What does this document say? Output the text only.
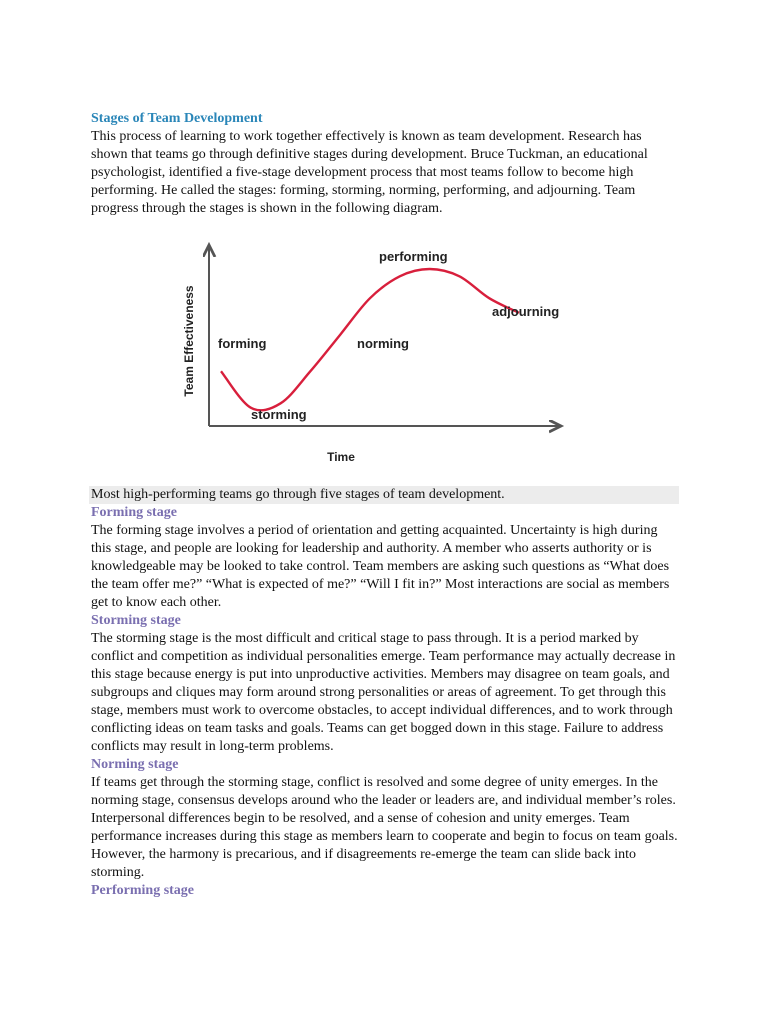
Stages of Team Development

This process of learning to work together effectively is known as team development. Research has shown that teams go through definitive stages during development. Bruce Tuckman, an educational psychologist, identified a five-stage development process that most teams follow to become high performing. He called the stages: forming, storming, norming, performing, and adjourning. Team progress through the stages is shown in the following diagram.

Team Effectiveness
Time
forming
storming
norming
performing
adjourning
Most high-performing teams go through five stages of team development.
Forming stage

The forming stage involves a period of orientation and getting acquainted. Uncertainty is high during this stage, and people are looking for leadership and authority. A member who asserts authority or is knowledgeable may be looked to take control. Team members are asking such questions as “What does the team offer me?” “What is expected of me?” “Will I fit in?” Most interactions are social as members get to know each other.

Storming stage

The storming stage is the most difficult and critical stage to pass through. It is a period marked by conflict and competition as individual personalities emerge. Team performance may actually decrease in this stage because energy is put into unproductive activities. Members may disagree on team goals, and subgroups and cliques may form around strong personalities or areas of agreement. To get through this stage, members must work to overcome obstacles, to accept individual differences, and to work through conflicting ideas on team tasks and goals. Teams can get bogged down in this stage. Failure to address conflicts may result in long-term problems.

Norming stage

If teams get through the storming stage, conflict is resolved and some degree of unity emerges. In the norming stage, consensus develops around who the leader or leaders are, and individual member’s roles. Interpersonal differences begin to be resolved, and a sense of cohesion and unity emerges. Team performance increases during this stage as members learn to cooperate and begin to focus on team goals. However, the harmony is precarious, and if disagreements re-emerge the team can slide back into storming.

Performing stage
